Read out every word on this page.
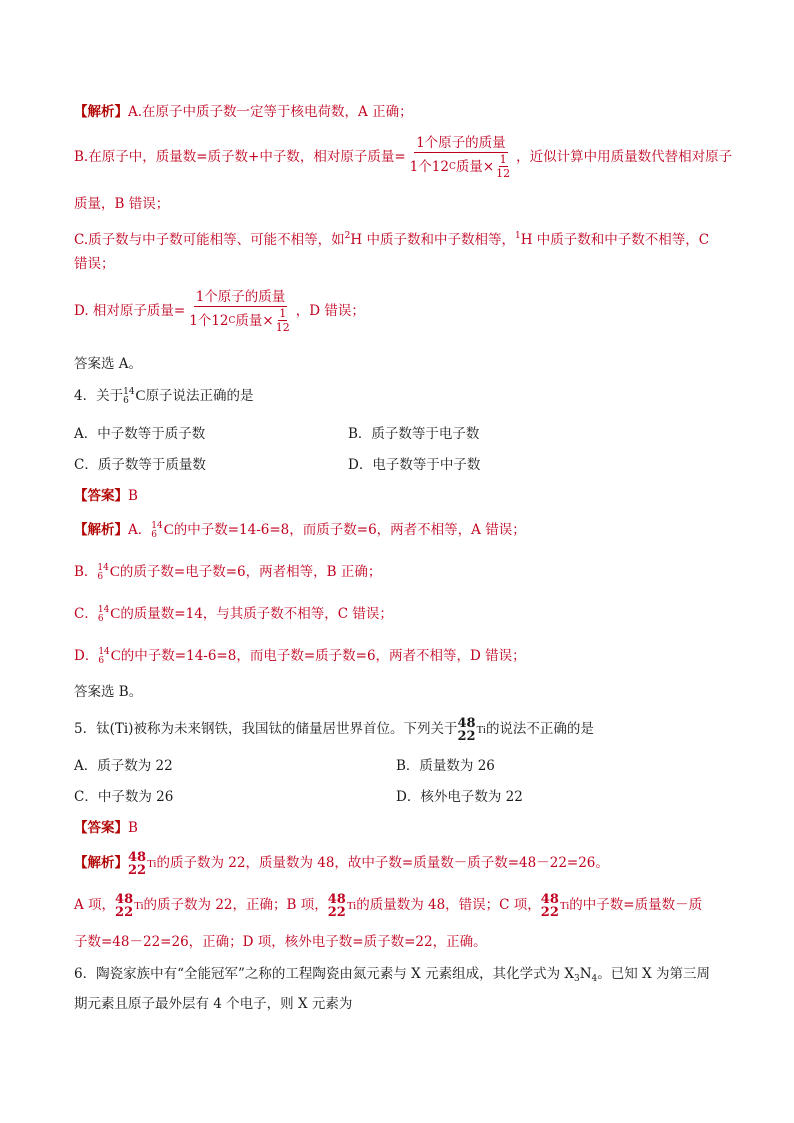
【解析】A.在原子中质子数一定等于核电荷数，A 正确；
B.在原子中，质量数=质子数+中子数，相对原子质量= $\frac{\text{1个原子的质量}}{1个12 C 质量\times \frac{1}{12}}$ ，近似计算中用质量数代替相对原子
质量，B 错误；
C.质子数与中子数可能相等、可能不相等，如$^2$H 中质子数和中子数相等，$^1$H 中质子数和中子数不相等，C
错误；
D. 相对原子质量= $\frac{\text{1个原子的质量}}{1个12 C 质量\times \frac{1}{12}}$ ，D 错误；
答案选 A。
4．关于 14
6 C原子说法正确的是
A．中子数等于质子数	B．质子数等于电子数
C．质子数等于质量数	D．电子数等于中子数
【答案】B
【解析】A． 14
6 C的中子数=14-6=8，而质子数=6，两者不相等，A 错误；
B． 14
6 C的质子数=电子数=6，两者相等，B 正确；
C． 14
6 C的质量数=14，与其质子数不相等，C 错误；
D． 14
6 C的中子数=14-6=8，而电子数=质子数=6，两者不相等，D 错误；
答案选 B。
5．钛(Ti)被称为未来钢铁，我国钛的储量居世界首位。下列关于 48
22 Ti的说法不正确的是
A．质子数为 22	B．质量数为 26
C．中子数为 26	D．核外电子数为 22
【答案】B
【解析】 48
22 Ti的质子数为 22，质量数为 48，故中子数=质量数－质子数=48－22=26。
A 项， 48
22 Ti的质子数为 22，正确；B 项， 48
22 Ti的质量数为 48，错误；C 项， 48
22 Ti的中子数=质量数－质
子数=48－22=26，正确；D 项，核外电子数=质子数=22，正确。
6．陶瓷家族中有“全能冠军”之称的工程陶瓷由氮元素与 X 元素组成，其化学式为 $X_3N_4$。已知 X 为第三周
期元素且原子最外层有 4 个电子，则 X 元素为
